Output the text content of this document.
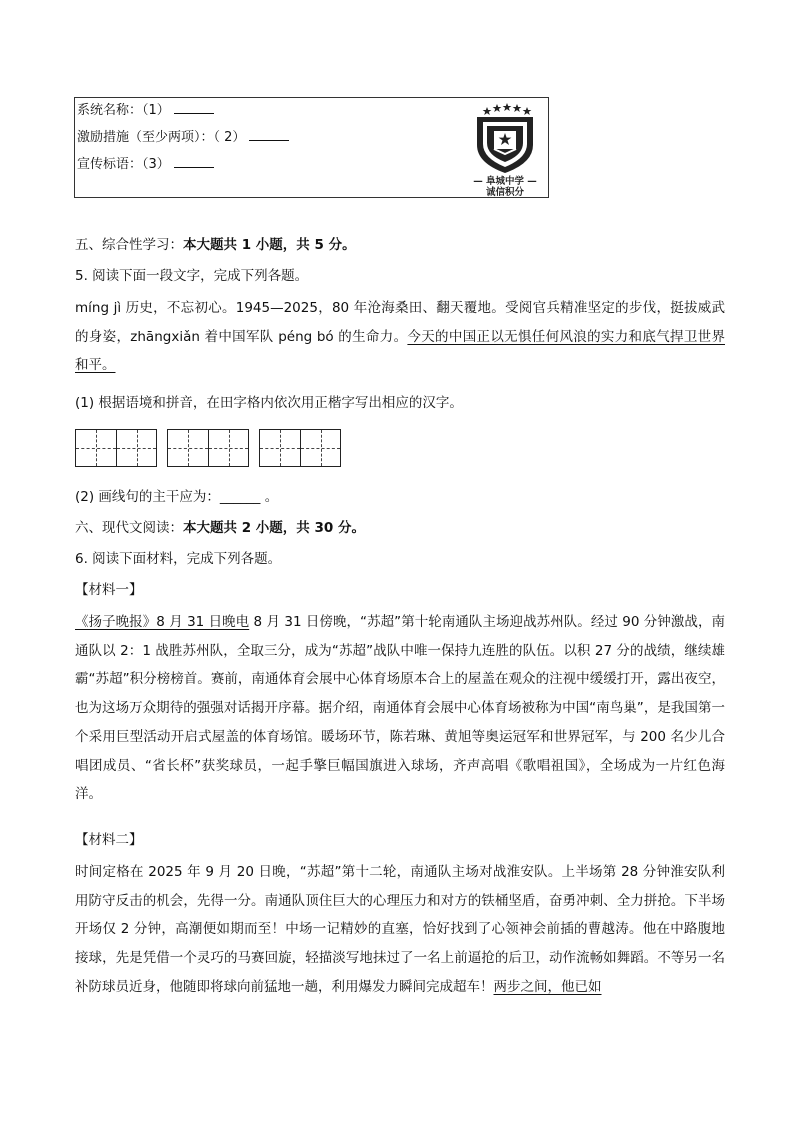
系统名称：（1）
激励措施（至少两项）：（ 2）
宣传标语：（3）
— 阜城中学 —
诚信积分
五、综合性学习：本大题共 1 小题，共 5 分。
5. 阅读下面一段文字，完成下列各题。
míng jì 历史，不忘初心。1945—2025，80 年沧海桑田、翻天覆地。受阅官兵精准坚定的步伐，挺拔威武的身姿，zhāngxiǎn 着中国军队 péng bó 的生命力。今天的中国正以无惧任何风浪的实力和底气捍卫世界和平。
(1) 根据语境和拼音，在田字格内依次用正楷字写出相应的汉字。
(2) 画线句的主干应为：______ 。
六、现代文阅读：本大题共 2 小题，共 30 分。
6. 阅读下面材料，完成下列各题。
【材料一】
《扬子晚报》8 月 31 日晚电 8 月 31 日傍晚，“苏超”第十轮南通队主场迎战苏州队。经过 90 分钟激战，南通队以 2：1 战胜苏州队，全取三分，成为“苏超”战队中唯一保持九连胜的队伍。以积 27 分的战绩，继续雄霸“苏超”积分榜榜首。赛前，南通体育会展中心体育场原本合上的屋盖在观众的注视中缓缓打开，露出夜空，也为这场万众期待的强强对话揭开序幕。据介绍，南通体育会展中心体育场被称为中国“南鸟巢”，是我国第一个采用巨型活动开启式屋盖的体育场馆。暖场环节，陈若琳、黄旭等奥运冠军和世界冠军，与 200 名少儿合唱团成员、“省长杯”获奖球员，一起手擎巨幅国旗进入球场，齐声高唱《歌唱祖国》，全场成为一片红色海洋。
【材料二】
时间定格在 2025 年 9 月 20 日晚，“苏超”第十二轮，南通队主场对战淮安队。上半场第 28 分钟淮安队利用防守反击的机会，先得一分。南通队顶住巨大的心理压力和对方的铁桶坚盾，奋勇冲刺、全力拼抢。下半场开场仅 2 分钟，高潮便如期而至！中场一记精妙的直塞，恰好找到了心领神会前插的曹越涛。他在中路腹地接球，先是凭借一个灵巧的马赛回旋，轻描淡写地抹过了一名上前逼抢的后卫，动作流畅如舞蹈。不等另一名补防球员近身，他随即将球向前猛地一趟，利用爆发力瞬间完成超车！两步之间，他已如
